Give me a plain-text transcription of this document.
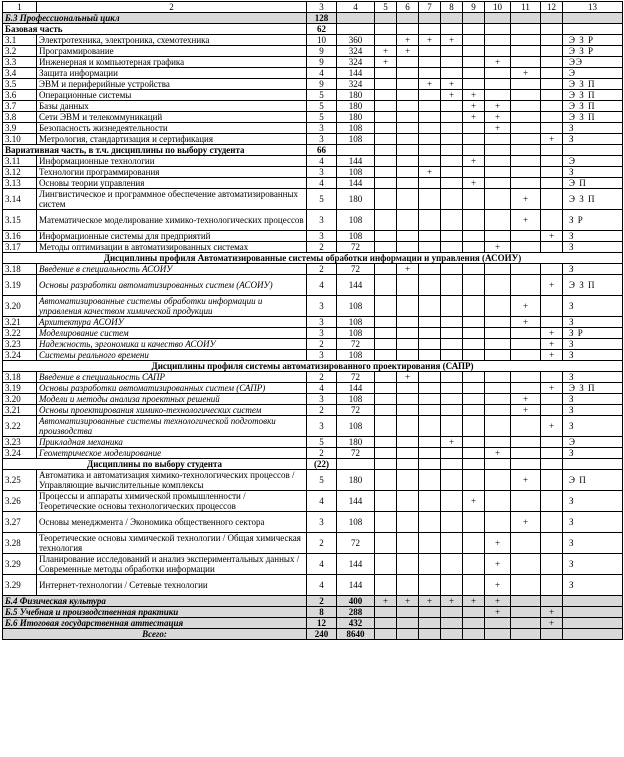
1	2	3	4	5	6	7	8	9	10	11	12	13
Б.3 Профессиональный цикл		128										
Базовая часть		62										
3.1	Электротехника, электроника, схемотехника	10	360		+	+	+					Э З Р
3.2	Программирование	9	324	+	+							Э З Р
3.3	Инженерная и компьютерная графика	9	324	+					+			ЭЭ
3.4	Защита информации	4	144							+		Э
3.5	ЭВМ и периферийные устройства	9	324			+	+					Э З П
3.6	Операционные системы	5	180				+	+				Э З П
3.7	Базы данных	5	180					+	+			Э З П
3.8	Сети ЭВМ и телекоммуникаций	5	180					+	+			Э З П
3.9	Безопасность жизнедеятельности	3	108						+			З
3.10	Метрология, стандартизация и сертификация	3	108								+	З
Вариативная часть, в т.ч. дисциплины по выбору студента		66										
3.11	Информационные технологии	4	144					+				Э
3.12	Технологии программирования	3	108			+						З
3.13	Основы теории управления	4	144					+				Э П
3.14	Лингвистическое и программное обеспечение автоматизированных систем	5	180							+		Э З П
3.15	Математическое моделирование химико-технологических процессов	3	108							+		З Р
3.16	Информационные системы для предприятий	3	108								+	З
3.17	Методы оптимизации в автоматизированных системах	2	72						+			З
Дисциплины профиля Автоматизированные системы обработки информации и управления (АСОИУ)												
3.18	Введение в специальность АСОИУ	2	72		+							З
3.19	Основы разработки автоматизированных систем (АСОИУ)	4	144								+	Э З П
3.20	Автоматизированные системы обработки информации и управления качеством химической продукции	3	108							+		З
3.21	Архитектура АСОИУ	3	108							+		З
3.22	Моделирование систем	3	108								+	З Р
3.23	Надежность, эргономика и качество АСОИУ	2	72								+	З
3.24	Системы реального времени	3	108								+	З
Дисциплины профиля системы автоматизированного проектирования (САПР)												
3.18	Введение в специальность САПР	2	72		+							З
3.19	Основы разработки автоматизированных систем (САПР)	4	144								+	Э З П
3.20	Модели и методы анализа проектных решений	3	108							+		З
3.21	Основы проектирования химико-технологических систем	2	72							+		З
3.22	Автоматизированные системы технологической подготовки производства	3	108								+	З
3.23	Прикладная механика	5	180				+					Э
3.24	Геометрическое моделирование	2	72						+			З
Дисциплины по выбору студента		(22)										
3.25	Автоматика и автоматизация химико-технологических процессов / Управляющие вычислительные комплексы	5	180							+		Э П
3.26	Процессы и аппараты химической промышленности / Теоретические основы технологических процессов	4	144					+				З
3.27	Основы менеджмента / Экономика общественного сектора	3	108							+		З
3.28	Теоретические основы химической технологии / Общая химическая технология	2	72						+			З
3.29	Планирование исследований и анализ экспериментальных данных / Современные методы обработки информации	4	144						+			З
3.29	Интернет-технологии / Сетевые технологии	4	144						+			З
Б.4 Физическая культура		2	400	+	+	+	+	+	+			
Б.5 Учебная и производственная практики		8	288						+		+	
Б.6 Итоговая государственная аттестация		12	432								+	
Всего:		240	8640									
